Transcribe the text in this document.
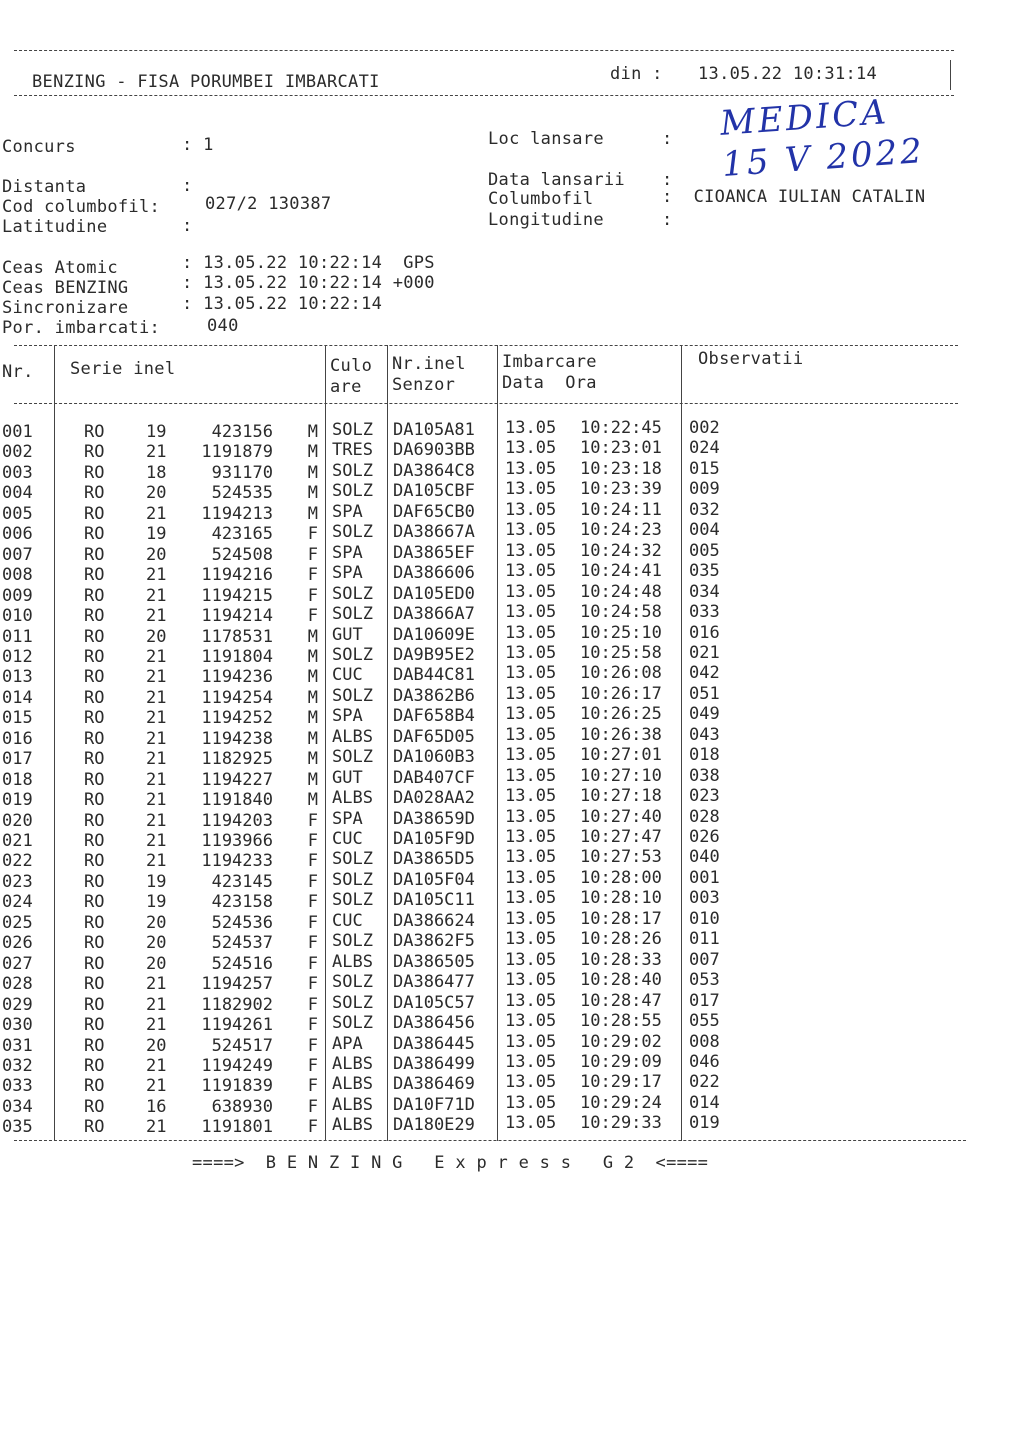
BENZING - FISA PORUMBEI IMBARCATI	din : 13.05.22 10:31:14
Concurs	: 1
Distanta	:
Cod columbofil:	027/2 130387
Latitudine	:
Loc lansare	:
Data lansarii :
Columbofil	:  CIOANCA IULIAN CATALIN
Longitudine	:
MEDICA
15 V 2022
Ceas Atomic	: 13.05.22 10:22:14  GPS
Ceas BENZING	: 13.05.22 10:22:14 +000
Sincronizare	: 13.05.22 10:22:14
Por. imbarcati:	040
Nr. Serie inel	Culo
are
Nr.inel
Senzor
Imbarcare
Data  Ora
Observatii
001	RO 19	423156 M SOLZ DA105A81 13.05 10:22:45 002
002	RO 21 1191879 M TRES DA6903BB 13.05 10:23:01 024
003	RO 18	931170 M SOLZ DA3864C8 13.05 10:23:18 015
004	RO 20	524535 M SOLZ DA105CBF 13.05 10:23:39 009
005	RO 21 1194213 M SPA DAF65CB0 13.05 10:24:11 032
006	RO 19	423165 F SOLZ DA38667A 13.05 10:24:23 004
007	RO 20	524508 F SPA DA3865EF 13.05 10:24:32 005
008	RO 21 1194216 F SPA DA386606 13.05 10:24:41 035
009	RO 21 1194215 F SOLZ DA105ED0 13.05 10:24:48 034
010	RO 21 1194214 F SOLZ DA3866A7 13.05 10:24:58 033
011	RO 20 1178531 M GUT DA10609E 13.05 10:25:10 016
012	RO 21 1191804 M SOLZ DA9B95E2 13.05 10:25:58 021
013	RO 21 1194236 M CUC DAB44C81 13.05 10:26:08 042
014	RO 21 1194254 M SOLZ DA3862B6 13.05 10:26:17 051
015	RO 21 1194252 M SPA DAF658B4 13.05 10:26:25 049
016	RO 21 1194238 M ALBS DAF65D05 13.05 10:26:38 043
017	RO 21 1182925 M SOLZ DA1060B3 13.05 10:27:01 018
018	RO 21 1194227 M GUT DAB407CF 13.05 10:27:10 038
019	RO 21 1191840 M ALBS DA028AA2 13.05 10:27:18 023
020	RO 21 1194203 F SPA DA38659D 13.05 10:27:40 028
021	RO 21 1193966 F CUC DA105F9D 13.05 10:27:47 026
022	RO 21 1194233 F SOLZ DA3865D5 13.05 10:27:53 040
023	RO 19	423145 F SOLZ DA105F04 13.05 10:28:00 001
024	RO 19	423158 F SOLZ DA105C11 13.05 10:28:10 003
025	RO 20	524536 F CUC DA386624 13.05 10:28:17 010
026	RO 20	524537 F SOLZ DA3862F5 13.05 10:28:26 011
027	RO 20	524516 F ALBS DA386505 13.05 10:28:33 007
028	RO 21 1194257 F SOLZ DA386477 13.05 10:28:40 053
029	RO 21 1182902 F SOLZ DA105C57 13.05 10:28:47 017
030	RO 21 1194261 F SOLZ DA386456 13.05 10:28:55 055
031	RO 20	524517 F APA DA386445 13.05 10:29:02 008
032	RO 21 1194249 F ALBS DA386499 13.05 10:29:09 046
033	RO 21 1191839 F ALBS DA386469 13.05 10:29:17 022
034	RO 16	638930 F ALBS DA10F71D 13.05 10:29:24 014
035	RO 21 1191801 F ALBS DA180E29 13.05 10:29:33 019
====>  B E N Z I N G   E x p r e s s   G 2  <====
